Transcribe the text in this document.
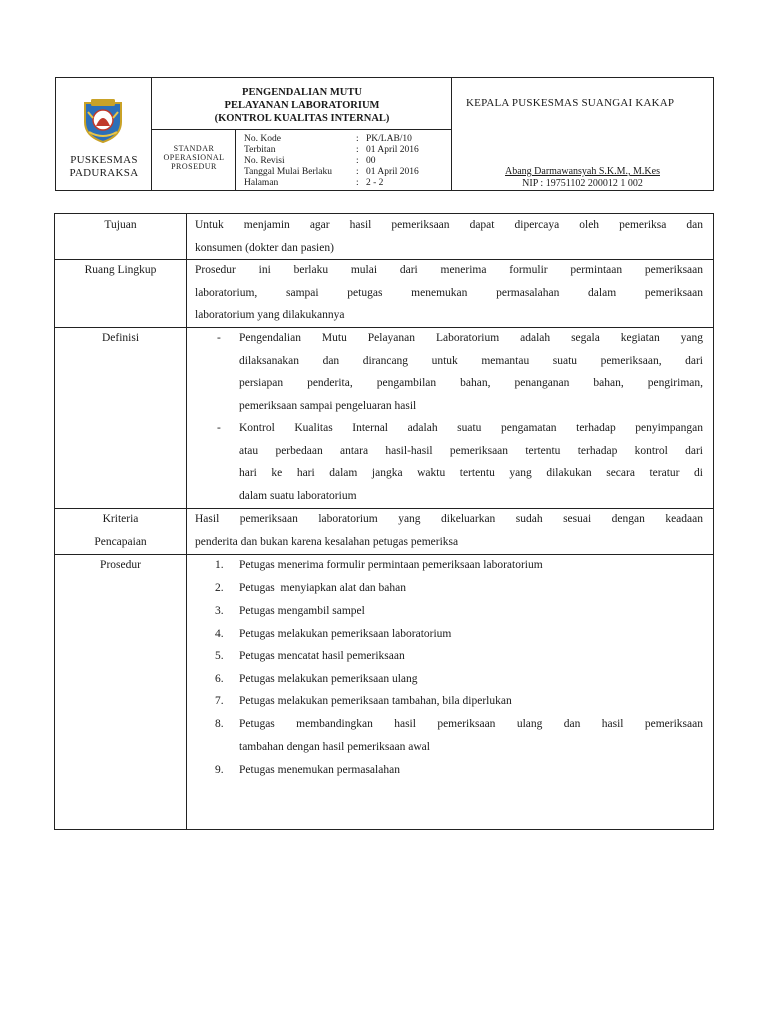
PUSKESMAS
PADURAKSA
PENGENDALIAN MUTU
PELAYANAN LABORATORIUM
(KONTROL KUALITAS INTERNAL)
STANDAR
OPERASIONAL
PROSEDUR
No. Kode	: PK/LAB/10
Terbitan	: 01 April 2016
No. Revisi	: 00
Tanggal Mulai Berlaku	: 01 April 2016
Halaman	: 2 - 2
KEPALA PUSKESMAS SUANGAI KAKAP
Abang Darmawansyah S.K.M., M.Kes
NIP : 19751102 200012 1 002
Tujuan	Untuk menjamin agar hasil pemeriksaan dapat dipercaya oleh pemeriksa dan
konsumen (dokter dan pasien)
Ruang Lingkup	Prosedur ini berlaku mulai dari menerima formulir permintaan pemeriksaan
laboratorium, sampai petugas menemukan permasalahan dalam pemeriksaan
laboratorium yang dilakukannya
Definisi	- Pengendalian Mutu Pelayanan Laboratorium adalah segala kegiatan yang
dilaksanakan dan dirancang untuk memantau suatu pemeriksaan, dari
persiapan penderita, pengambilan bahan, penanganan bahan, pengiriman,
pemeriksaan sampai pengeluaran hasil
- Kontrol Kualitas Internal adalah suatu pengamatan terhadap penyimpangan
atau perbedaan antara hasil-hasil pemeriksaan tertentu terhadap kontrol dari
hari ke hari dalam jangka waktu tertentu yang dilakukan secara teratur di
dalam suatu laboratorium
Kriteria
Pencapaian
Hasil pemeriksaan laboratorium yang dikeluarkan sudah sesuai dengan keadaan
penderita dan bukan karena kesalahan petugas pemeriksa
Prosedur	1.	Petugas menerima formulir permintaan pemeriksaan laboratorium
2.	Petugas  menyiapkan alat dan bahan
3.	Petugas mengambil sampel
4.	Petugas melakukan pemeriksaan laboratorium
5.	Petugas mencatat hasil pemeriksaan
6.	Petugas melakukan pemeriksaan ulang
7.	Petugas melakukan pemeriksaan tambahan, bila diperlukan
8.	Petugas membandingkan hasil pemeriksaan ulang dan hasil pemeriksaan
tambahan dengan hasil pemeriksaan awal
9.	Petugas menemukan permasalahan
